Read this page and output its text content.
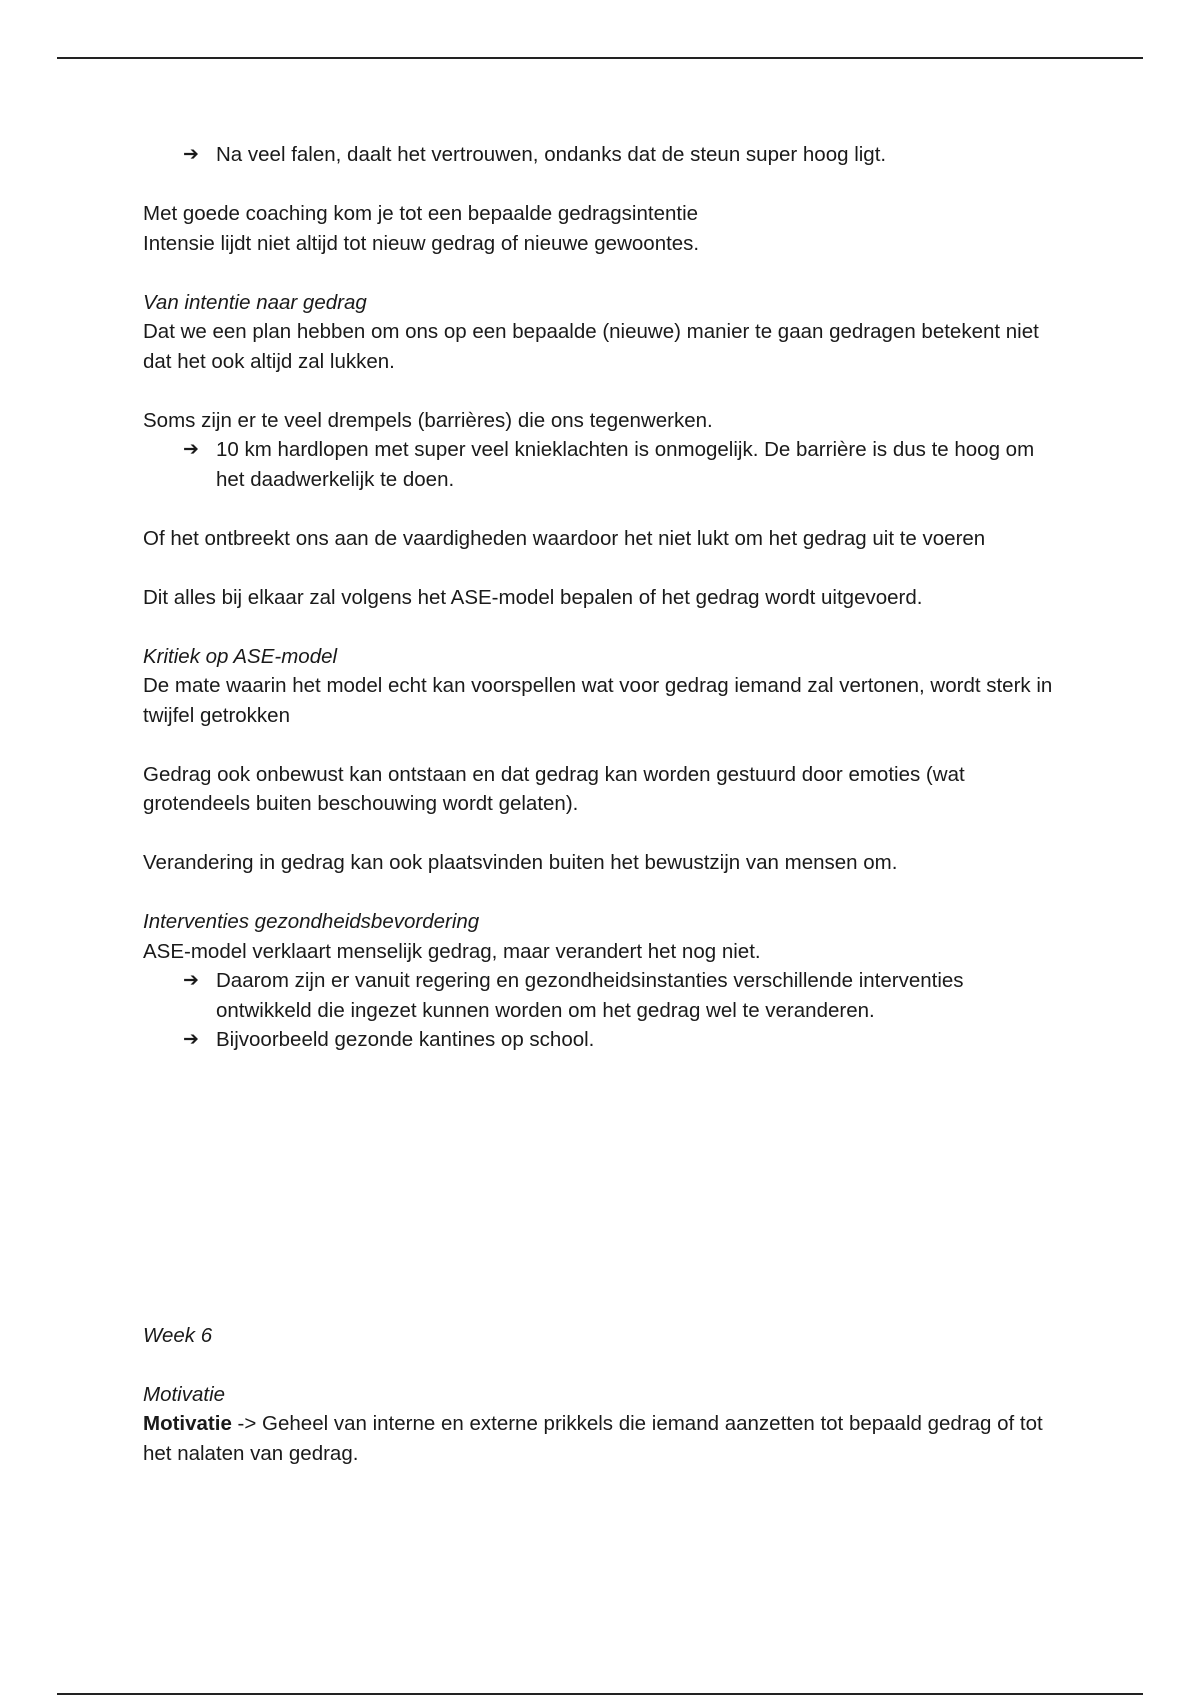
➔ Na veel falen, daalt het vertrouwen, ondanks dat de steun super hoog ligt.

Met goede coaching kom je tot een bepaalde gedragsintentie

Intensie lijdt niet altijd tot nieuw gedrag of nieuwe gewoontes.

Van intentie naar gedrag

Dat we een plan hebben om ons op een bepaalde (nieuwe) manier te gaan gedragen betekent niet dat het ook altijd zal lukken.

Soms zijn er te veel drempels (barrières) die ons tegenwerken.

➔ 10 km hardlopen met super veel knieklachten is onmogelijk. De barrière is dus te hoog om het daadwerkelijk te doen.

Of het ontbreekt ons aan de vaardigheden waardoor het niet lukt om het gedrag uit te voeren

Dit alles bij elkaar zal volgens het ASE-model bepalen of het gedrag wordt uitgevoerd.

Kritiek op ASE-model

De mate waarin het model echt kan voorspellen wat voor gedrag iemand zal vertonen, wordt sterk in twijfel getrokken

Gedrag ook onbewust kan ontstaan en dat gedrag kan worden gestuurd door emoties (wat grotendeels buiten beschouwing wordt gelaten).

Verandering in gedrag kan ook plaatsvinden buiten het bewustzijn van mensen om.

Interventies gezondheidsbevordering

ASE-model verklaart menselijk gedrag, maar verandert het nog niet.

➔ Daarom zijn er vanuit regering en gezondheidsinstanties verschillende interventies ontwikkeld die ingezet kunnen worden om het gedrag wel te veranderen.
➔ Bijvoorbeeld gezonde kantines op school.

Week 6

Motivatie

Motivatie -> Geheel van interne en externe prikkels die iemand aanzetten tot bepaald gedrag of tot het nalaten van gedrag.
